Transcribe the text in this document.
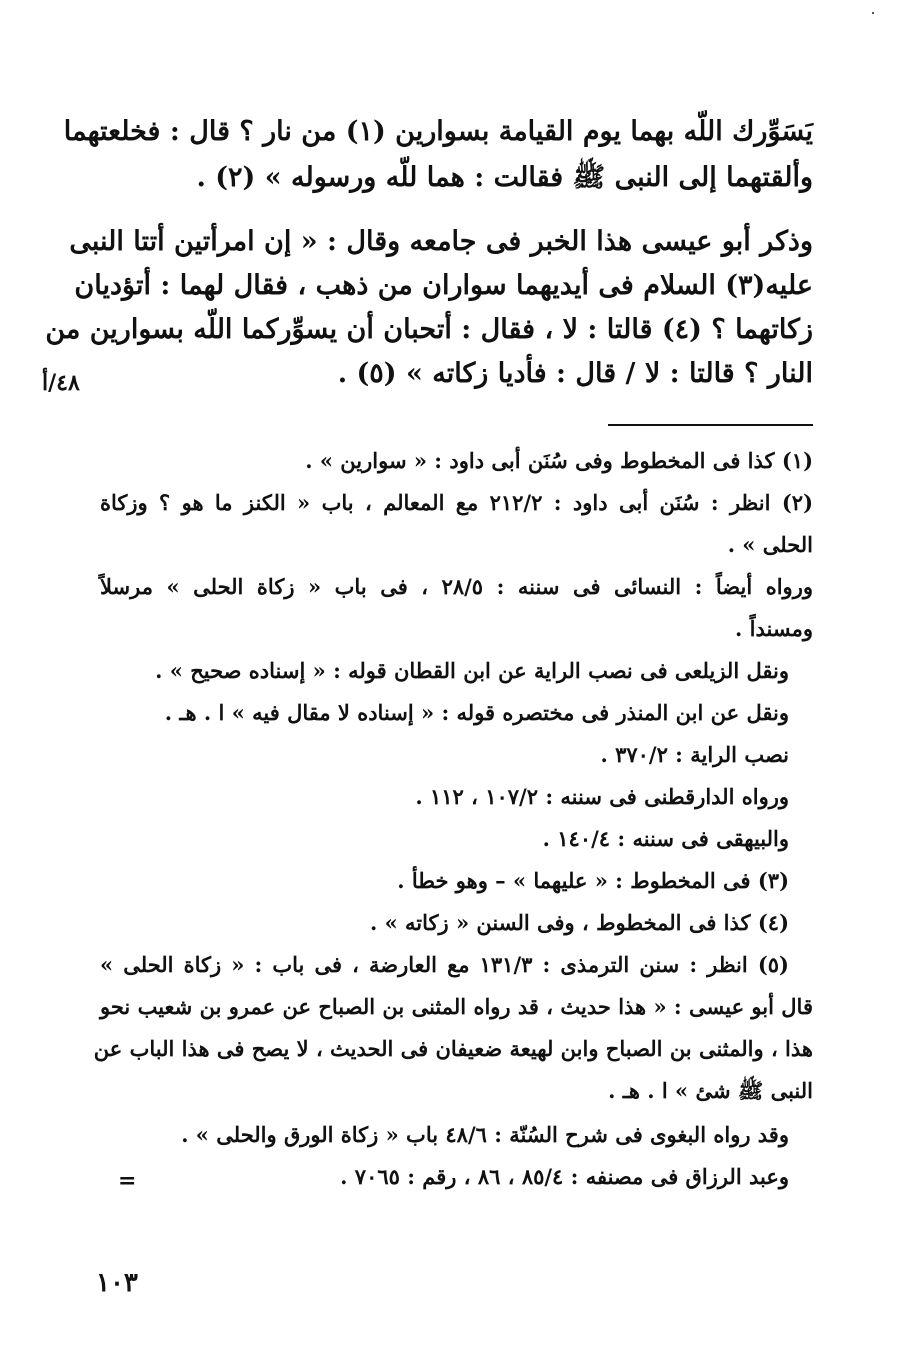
يَسَوِّرك اللّه بهما يوم القيامة بسوارين (١) من نار ؟ قال : فخلعتهما
وألقتهما إلى النبى ﷺ فقالت : هما للّه ورسوله » (٢) .
وذكر أبو عيسى هذا الخبر فى جامعه وقال : « إن امرأتين أتتا النبى
عليه(٣) السلام فى أيديهما سواران من ذهب ، فقال لهما : أتؤديان
زكاتهما ؟ (٤) قالتا : لا ، فقال : أتحبان أن يسوِّركما اللّه بسوارين من
النار ؟ قالتا : لا / قال : فأديا زكاته » (٥) .
٤٨/أ
(١) كذا فى المخطوط وفى سُنَن أبى داود : « سوارين » .
(٢) انظر : سُنَن أبى داود : ٢١٢/٢ مع المعالم ، باب « الكنز ما هو ؟ وزكاة
الحلى » .
ورواه أيضاً : النسائى فى سننه : ٢٨/٥ ، فى باب « زكاة الحلى » مرسلاً
ومسنداً .
ونقل الزيلعى فى نصب الراية عن ابن القطان قوله : « إسناده صحيح » .
ونقل عن ابن المنذر فى مختصره قوله : « إسناده لا مقال فيه » ا . هـ .
نصب الراية : ٣٧٠/٢ .
ورواه الدارقطنى فى سننه : ١٠٧/٢ ، ١١٢ .
والبيهقى فى سننه : ١٤٠/٤ .
(٣) فى المخطوط : « عليهما » – وهو خطأ .
(٤) كذا فى المخطوط ، وفى السنن « زكاته » .
(٥) انظر : سنن الترمذى : ١٣١/٣ مع العارضة ، فى باب : « زكاة الحلى »
قال أبو عيسى : « هذا حديث ، قد رواه المثنى بن الصباح عن عمرو بن شعيب نحو
هذا ، والمثنى بن الصباح وابن لهيعة ضعيفان فى الحديث ، لا يصح فى هذا الباب عن
النبى ﷺ شئ » ا . هـ .
وقد رواه البغوى فى شرح السُنّة : ٤٨/٦ باب « زكاة الورق والحلى » .
وعبد الرزاق فى مصنفه : ٨٥/٤ ، ٨٦ ، رقم : ٧٠٦٥ .
=
١٠٣
